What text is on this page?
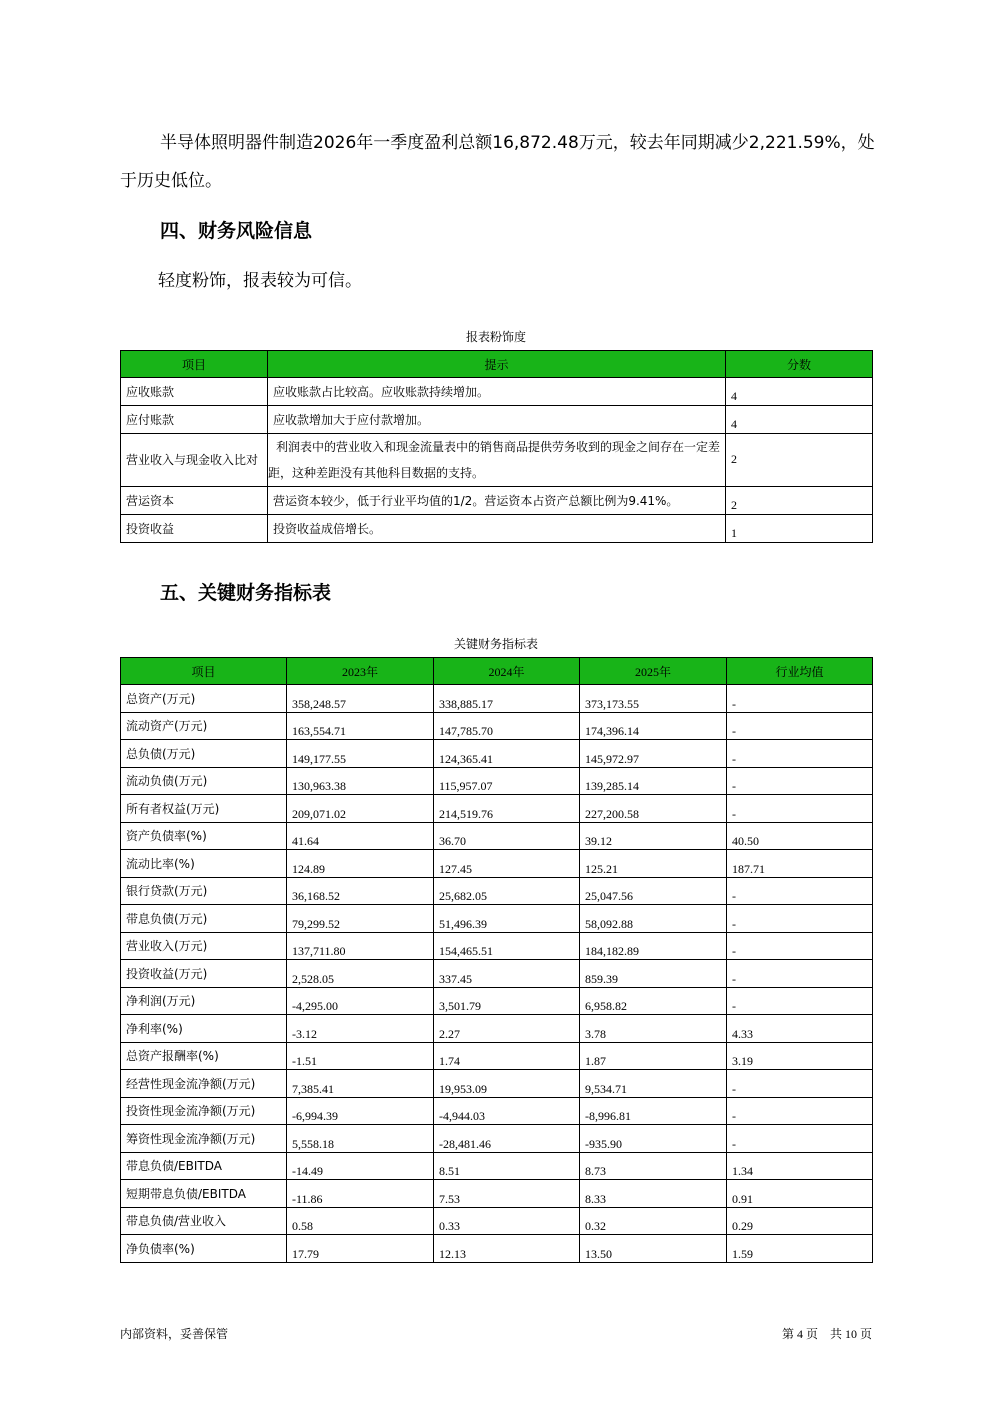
半导体照明器件制造2026年一季度盈利总额16,872.48万元，较去年同期减少2,221.59%，处于历史低位。
四、财务风险信息
轻度粉饰，报表较为可信。
报表粉饰度
项目	提示	分数
应收账款	应收账款占比较高。应收账款持续增加。	4
应付账款	应收款增加大于应付款增加。	4
营业收入与现金收入比对	利润表中的营业收入和现金流量表中的销售商品提供劳务收到的现金之间存在一定差距，这种差距没有其他科目数据的支持。	2
营运资本	营运资本较少，低于行业平均值的1/2。营运资本占资产总额比例为9.41%。	2
投资收益	投资收益成倍增长。	1
五、关键财务指标表
关键财务指标表
项目	2023年	2024年	2025年	行业均值
总资产(万元)	358,248.57	338,885.17	373,173.55	-
流动资产(万元)	163,554.71	147,785.70	174,396.14	-
总负债(万元)	149,177.55	124,365.41	145,972.97	-
流动负债(万元)	130,963.38	115,957.07	139,285.14	-
所有者权益(万元)	209,071.02	214,519.76	227,200.58	-
资产负债率(%)	41.64	36.70	39.12	40.50
流动比率(%)	124.89	127.45	125.21	187.71
银行贷款(万元)	36,168.52	25,682.05	25,047.56	-
带息负债(万元)	79,299.52	51,496.39	58,092.88	-
营业收入(万元)	137,711.80	154,465.51	184,182.89	-
投资收益(万元)	2,528.05	337.45	859.39	-
净利润(万元)	-4,295.00	3,501.79	6,958.82	-
净利率(%)	-3.12	2.27	3.78	4.33
总资产报酬率(%)	-1.51	1.74	1.87	3.19
经营性现金流净额(万元)	7,385.41	19,953.09	9,534.71	-
投资性现金流净额(万元)	-6,994.39	-4,944.03	-8,996.81	-
筹资性现金流净额(万元)	5,558.18	-28,481.46	-935.90	-
带息负债/EBITDA	-14.49	8.51	8.73	1.34
短期带息负债/EBITDA	-11.86	7.53	8.33	0.91
带息负债/营业收入	0.58	0.33	0.32	0.29
净负债率(%)	17.79	12.13	13.50	1.59
内部资料，妥善保管	第 4 页　共 10 页
